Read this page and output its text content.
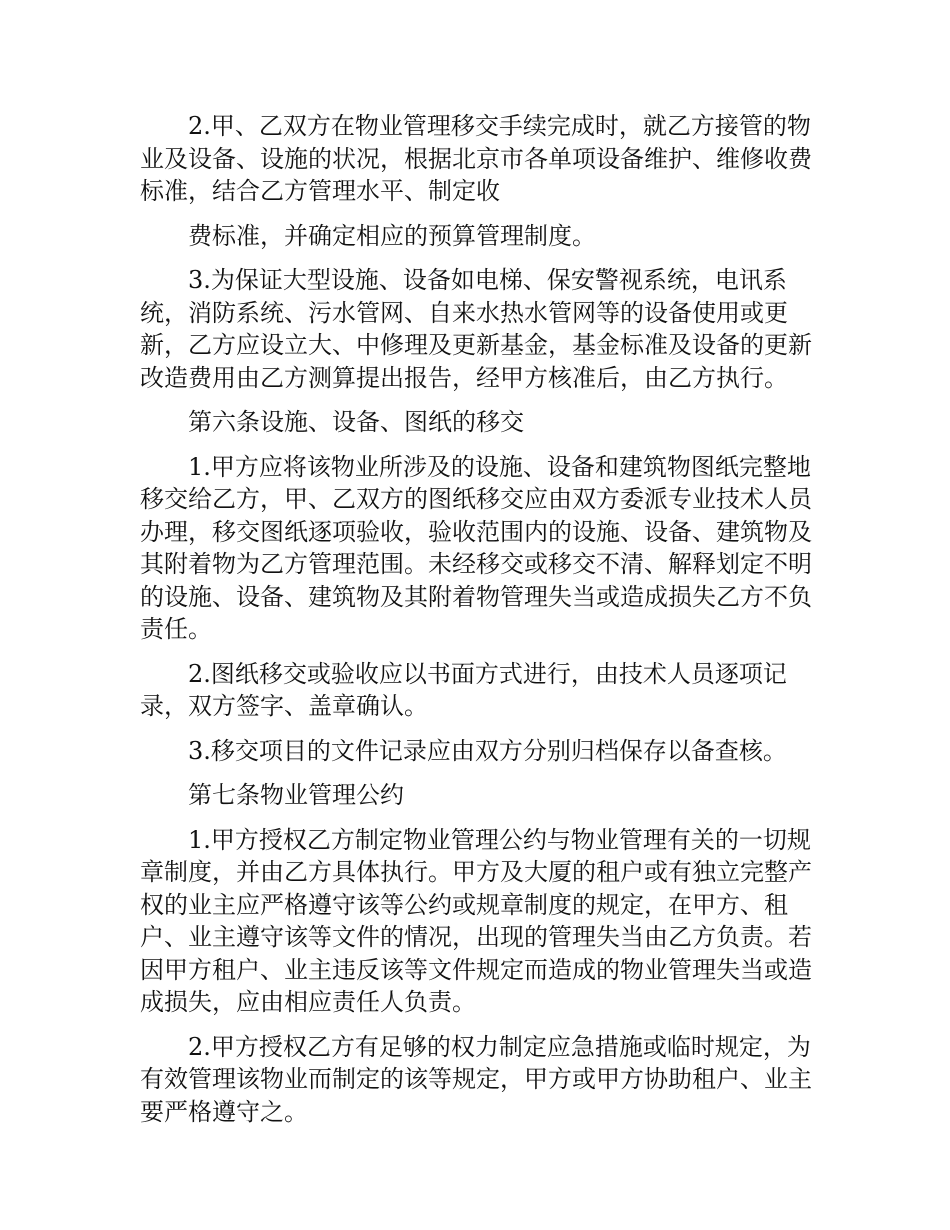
2.甲、乙双方在物业管理移交手续完成时，就乙方接管的物业及设备、设施的状况，根据北京市各单项设备维护、维修收费标准，结合乙方管理水平、制定收

费标准，并确定相应的预算管理制度。

3.为保证大型设施、设备如电梯、保安警视系统，电讯系统，消防系统、污水管网、自来水热水管网等的设备使用或更新，乙方应设立大、中修理及更新基金，基金标准及设备的更新改造费用由乙方测算提出报告，经甲方核准后，由乙方执行。

第六条设施、设备、图纸的移交

1.甲方应将该物业所涉及的设施、设备和建筑物图纸完整地移交给乙方，甲、乙双方的图纸移交应由双方委派专业技术人员办理，移交图纸逐项验收，验收范围内的设施、设备、建筑物及其附着物为乙方管理范围。未经移交或移交不清、解释划定不明的设施、设备、建筑物及其附着物管理失当或造成损失乙方不负责任。

2.图纸移交或验收应以书面方式进行，由技术人员逐项记录，双方签字、盖章确认。

3.移交项目的文件记录应由双方分别归档保存以备查核。

第七条物业管理公约

1.甲方授权乙方制定物业管理公约与物业管理有关的一切规章制度，并由乙方具体执行。甲方及大厦的租户或有独立完整产权的业主应严格遵守该等公约或规章制度的规定，在甲方、租户、业主遵守该等文件的情况，出现的管理失当由乙方负责。若因甲方租户、业主违反该等文件规定而造成的物业管理失当或造成损失，应由相应责任人负责。

2.甲方授权乙方有足够的权力制定应急措施或临时规定，为有效管理该物业而制定的该等规定，甲方或甲方协助租户、业主要严格遵守之。
